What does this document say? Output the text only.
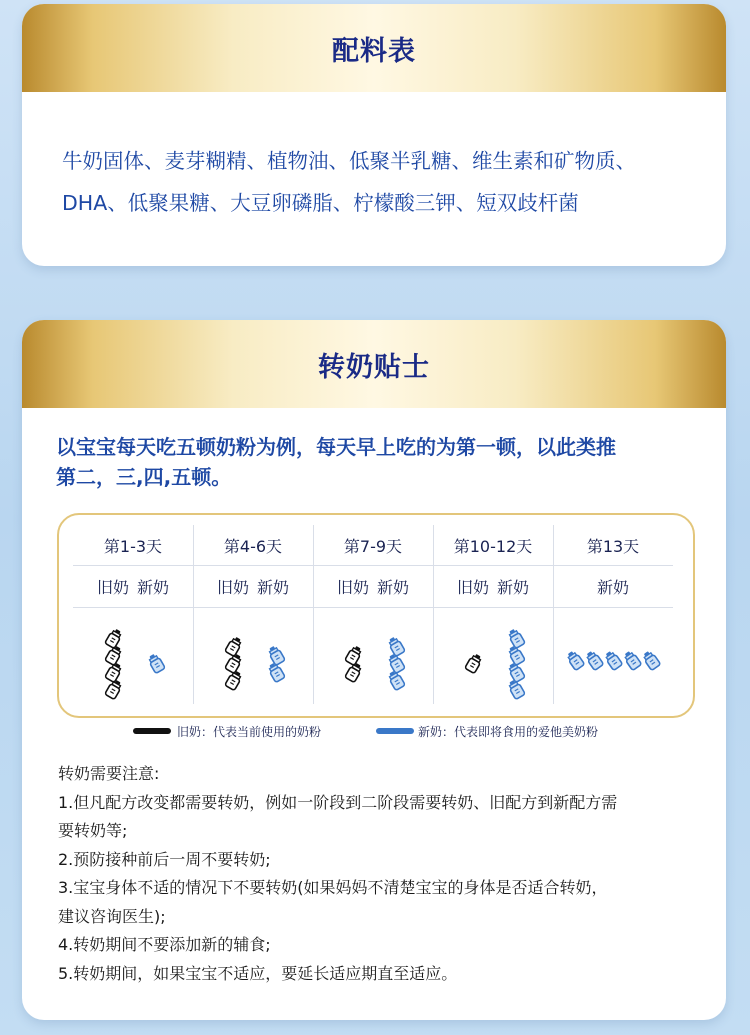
配料表

牛奶固体、麦芽糊精、植物油、低聚半乳糖、维生素和矿物质、

DHA、低聚果糖、大豆卵磷脂、柠檬酸三钾、短双歧杆菌

转奶贴士

以宝宝每天吃五顿奶粉为例，每天早上吃的为第一顿，以此类推

第二，三,四,五顿。

第1-3天
旧奶 新奶
第4-6天
旧奶 新奶
第7-9天
旧奶 新奶
第10-12天
旧奶 新奶
第13天
新奶
旧奶：代表当前使用的奶粉	新奶：代表即将食用的爱他美奶粉

转奶需要注意:

1.但凡配方改变都需要转奶，例如一阶段到二阶段需要转奶、旧配方到新配方需

要转奶等;

2.预防接种前后一周不要转奶;

3.宝宝身体不适的情况下不要转奶(如果妈妈不清楚宝宝的身体是否适合转奶，

建议咨询医生);

4.转奶期间不要添加新的辅食;

5.转奶期间，如果宝宝不适应，要延长适应期直至适应。
